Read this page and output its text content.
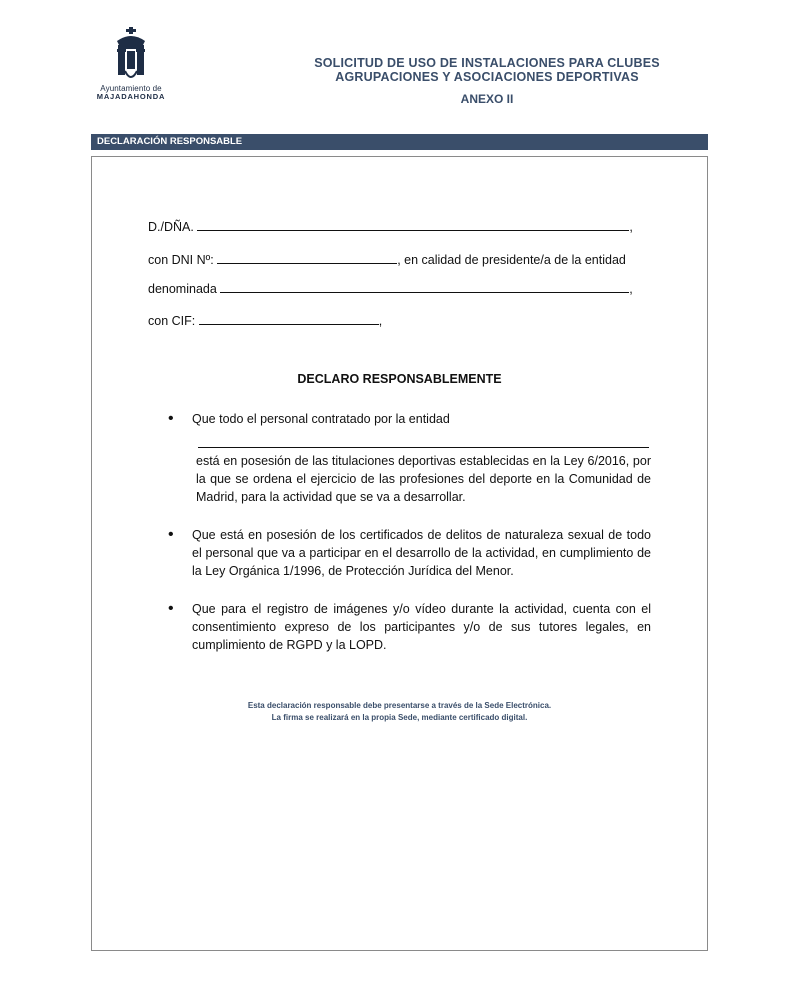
Ayuntamiento de
MAJADAHONDA
SOLICITUD DE USO DE INSTALACIONES PARA CLUBES
AGRUPACIONES Y ASOCIACIONES DEPORTIVAS
ANEXO II
DECLARACIÓN RESPONSABLE
D./DÑA.	,
con DNI Nº:	, en calidad de presidente/a de la entidad
denominada	,
con CIF:	,
DECLARO RESPONSABLEMENTE
• Que todo el personal contratado por la entidad
está en posesión de las titulaciones deportivas establecidas en la Ley 6/2016, por la que se ordena el ejercicio de las profesiones del deporte en la Comunidad de Madrid, para la actividad que se va a desarrollar.
• Que está en posesión de los certificados de delitos de naturaleza sexual de todo el personal que va a participar en el desarrollo de la actividad, en cumplimiento de la Ley Orgánica 1/1996, de Protección Jurídica del Menor.
• Que para el registro de imágenes y/o vídeo durante la actividad, cuenta con el consentimiento expreso de los participantes y/o de sus tutores legales, en cumplimiento de RGPD y la LOPD.
Esta declaración responsable debe presentarse a través de la Sede Electrónica.
La firma se realizará en la propia Sede, mediante certificado digital.
